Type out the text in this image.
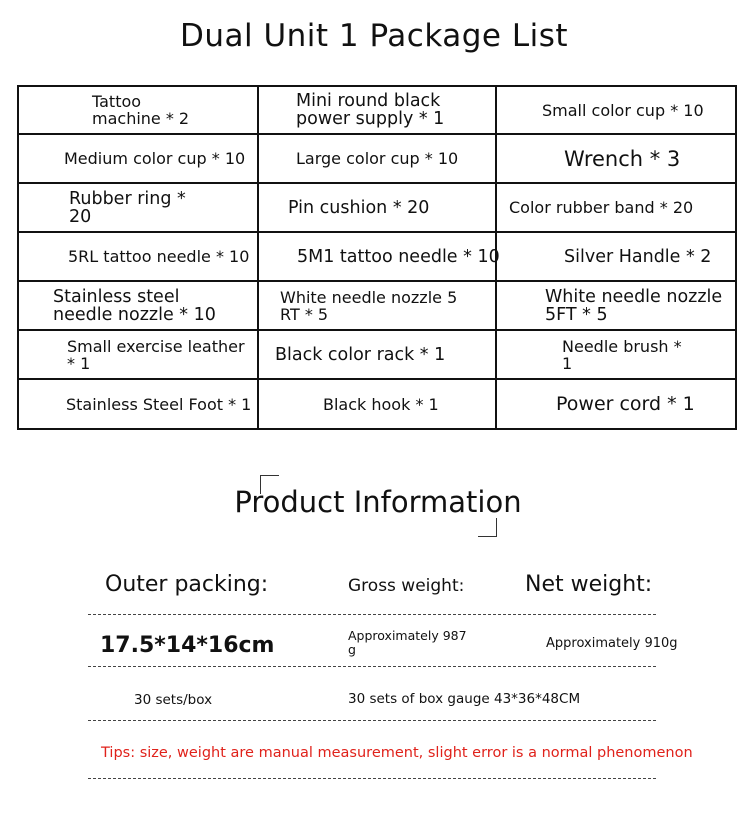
Dual Unit 1 Package List
Tattoo machine * 2	Mini round black power supply * 1	Small color cup * 10

Medium color cup * 10	Large color cup * 10	Wrench * 3

Rubber ring * 20	Pin cushion * 20	Color rubber band * 20

5RL tattoo needle * 10	5M1 tattoo needle * 10	Silver Handle * 2

Stainless steel needle nozzle * 10	White needle nozzle 5 RT * 5	White needle nozzle 5FT * 5

Small exercise leather * 1	Black color rack * 1	Needle brush * 1

Stainless Steel Foot * 1	Black hook * 1	Power cord * 1
Product Information
Outer packing:	Gross weight:	Net weight:
17.5*14*16cm	Approximately 987 g	Approximately 910g
30 sets/box	30 sets of box gauge 43*36*48CM
Tips: size, weight are manual measurement, slight error is a normal phenomenon
